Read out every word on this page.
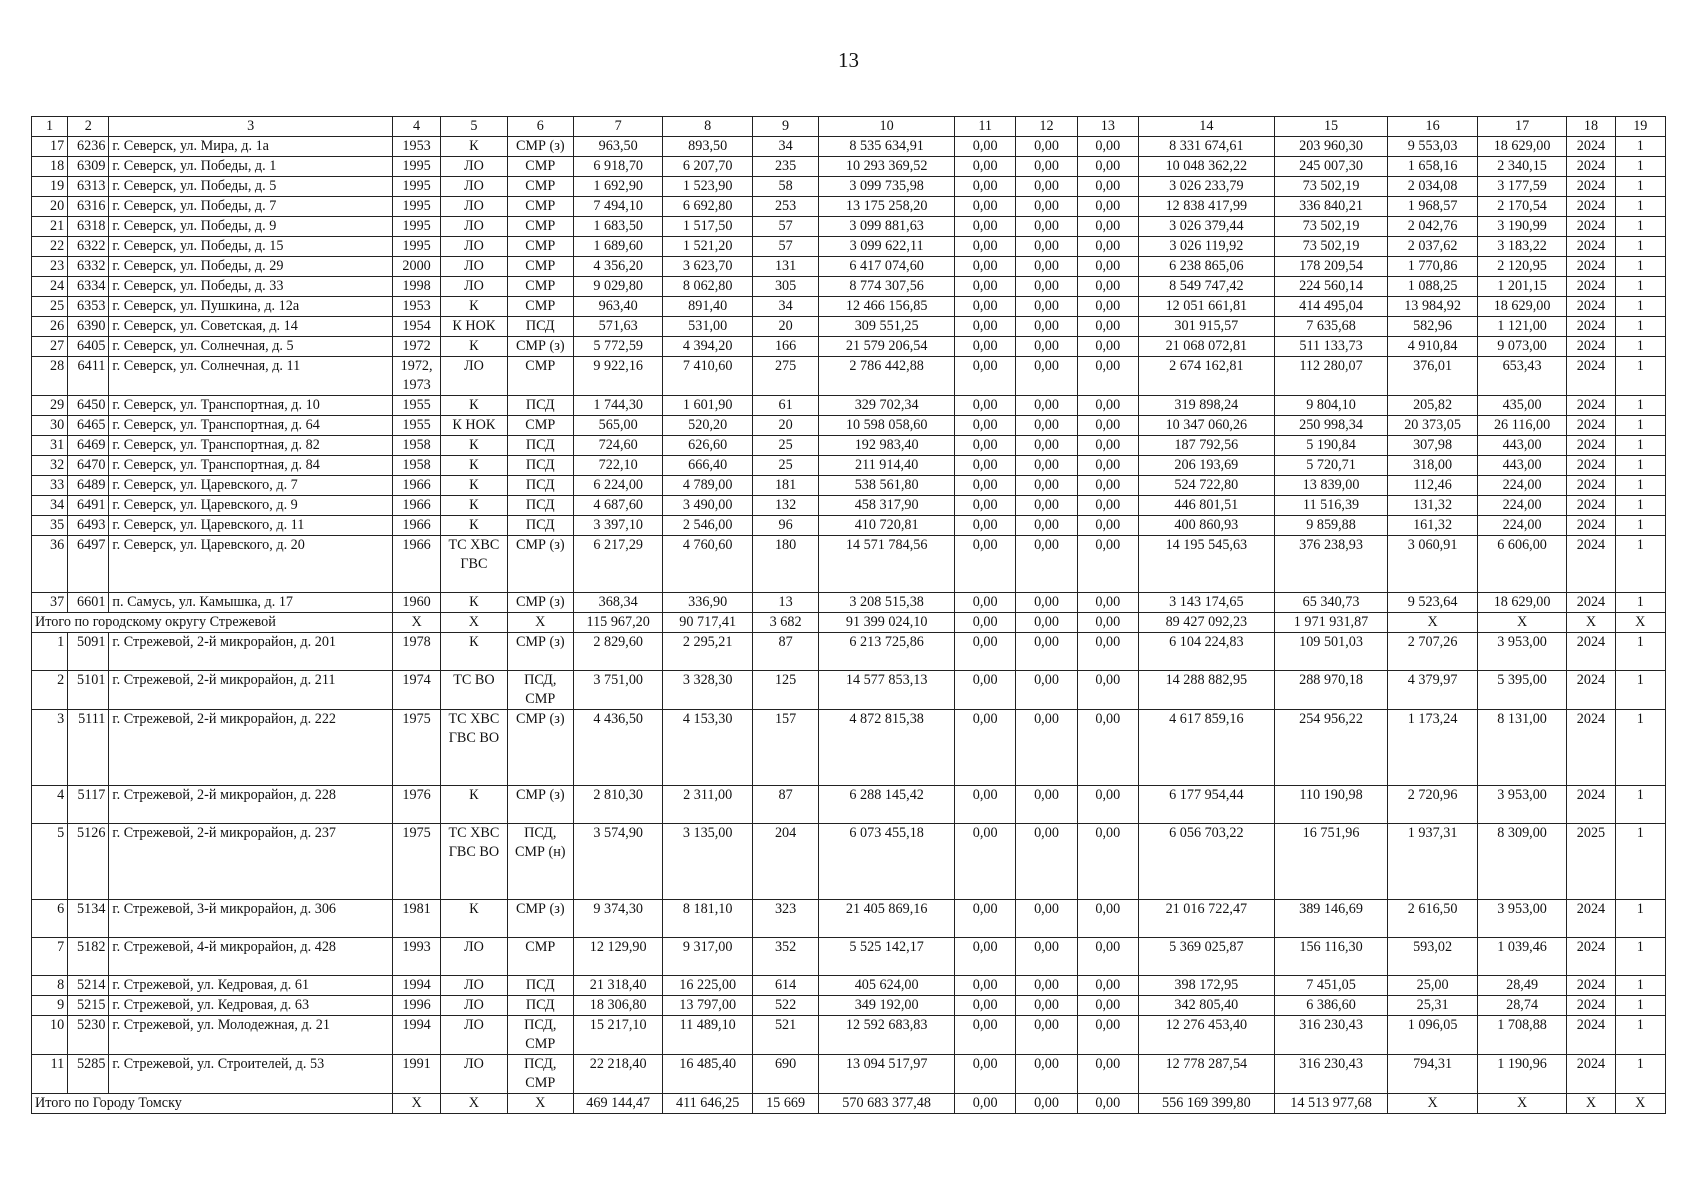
13
1	2	3	4	5	6	7	8	9	10	11	12	13	14	15	16	17	18	19
17	6236	г. Северск, ул. Мира, д. 1а	1953	К	СМР (з)	963,50	893,50	34	8 535 634,91	0,00	0,00	0,00	8 331 674,61	203 960,30	9 553,03	18 629,00	2024	1
18	6309	г. Северск, ул. Победы, д. 1	1995	ЛО	СМР	6 918,70	6 207,70	235	10 293 369,52	0,00	0,00	0,00	10 048 362,22	245 007,30	1 658,16	2 340,15	2024	1
19	6313	г. Северск, ул. Победы, д. 5	1995	ЛО	СМР	1 692,90	1 523,90	58	3 099 735,98	0,00	0,00	0,00	3 026 233,79	73 502,19	2 034,08	3 177,59	2024	1
20	6316	г. Северск, ул. Победы, д. 7	1995	ЛО	СМР	7 494,10	6 692,80	253	13 175 258,20	0,00	0,00	0,00	12 838 417,99	336 840,21	1 968,57	2 170,54	2024	1
21	6318	г. Северск, ул. Победы, д. 9	1995	ЛО	СМР	1 683,50	1 517,50	57	3 099 881,63	0,00	0,00	0,00	3 026 379,44	73 502,19	2 042,76	3 190,99	2024	1
22	6322	г. Северск, ул. Победы, д. 15	1995	ЛО	СМР	1 689,60	1 521,20	57	3 099 622,11	0,00	0,00	0,00	3 026 119,92	73 502,19	2 037,62	3 183,22	2024	1
23	6332	г. Северск, ул. Победы, д. 29	2000	ЛО	СМР	4 356,20	3 623,70	131	6 417 074,60	0,00	0,00	0,00	6 238 865,06	178 209,54	1 770,86	2 120,95	2024	1
24	6334	г. Северск, ул. Победы, д. 33	1998	ЛО	СМР	9 029,80	8 062,80	305	8 774 307,56	0,00	0,00	0,00	8 549 747,42	224 560,14	1 088,25	1 201,15	2024	1
25	6353	г. Северск, ул. Пушкина, д. 12а	1953	К	СМР	963,40	891,40	34	12 466 156,85	0,00	0,00	0,00	12 051 661,81	414 495,04	13 984,92	18 629,00	2024	1
26	6390	г. Северск, ул. Советская, д. 14	1954	К НОК	ПСД	571,63	531,00	20	309 551,25	0,00	0,00	0,00	301 915,57	7 635,68	582,96	1 121,00	2024	1
27	6405	г. Северск, ул. Солнечная, д. 5	1972	К	СМР (з)	5 772,59	4 394,20	166	21 579 206,54	0,00	0,00	0,00	21 068 072,81	511 133,73	4 910,84	9 073,00	2024	1
28	6411	г. Северск, ул. Солнечная, д. 11	1972, 1973	ЛО	СМР	9 922,16	7 410,60	275	2 786 442,88	0,00	0,00	0,00	2 674 162,81	112 280,07	376,01	653,43	2024	1
29	6450	г. Северск, ул. Транспортная, д. 10	1955	К	ПСД	1 744,30	1 601,90	61	329 702,34	0,00	0,00	0,00	319 898,24	9 804,10	205,82	435,00	2024	1
30	6465	г. Северск, ул. Транспортная, д. 64	1955	К НОК	СМР	565,00	520,20	20	10 598 058,60	0,00	0,00	0,00	10 347 060,26	250 998,34	20 373,05	26 116,00	2024	1
31	6469	г. Северск, ул. Транспортная, д. 82	1958	К	ПСД	724,60	626,60	25	192 983,40	0,00	0,00	0,00	187 792,56	5 190,84	307,98	443,00	2024	1
32	6470	г. Северск, ул. Транспортная, д. 84	1958	К	ПСД	722,10	666,40	25	211 914,40	0,00	0,00	0,00	206 193,69	5 720,71	318,00	443,00	2024	1
33	6489	г. Северск, ул. Царевского, д. 7	1966	К	ПСД	6 224,00	4 789,00	181	538 561,80	0,00	0,00	0,00	524 722,80	13 839,00	112,46	224,00	2024	1
34	6491	г. Северск, ул. Царевского, д. 9	1966	К	ПСД	4 687,60	3 490,00	132	458 317,90	0,00	0,00	0,00	446 801,51	11 516,39	131,32	224,00	2024	1
35	6493	г. Северск, ул. Царевского, д. 11	1966	К	ПСД	3 397,10	2 546,00	96	410 720,81	0,00	0,00	0,00	400 860,93	9 859,88	161,32	224,00	2024	1
36	6497	г. Северск, ул. Царевского, д. 20	1966	ТС ХВС ГВС	СМР (з)	6 217,29	4 760,60	180	14 571 784,56	0,00	0,00	0,00	14 195 545,63	376 238,93	3 060,91	6 606,00	2024	1
37	6601	п. Самусь, ул. Камышка, д. 17	1960	К	СМР (з)	368,34	336,90	13	3 208 515,38	0,00	0,00	0,00	3 143 174,65	65 340,73	9 523,64	18 629,00	2024	1
Итого по городскому округу Стрежевой			Х	Х	Х	115 967,20	90 717,41	3 682	91 399 024,10	0,00	0,00	0,00	89 427 092,23	1 971 931,87	Х	Х	Х	Х
1	5091	г. Стрежевой, 2-й микрорайон, д. 201	1978	К	СМР (з)	2 829,60	2 295,21	87	6 213 725,86	0,00	0,00	0,00	6 104 224,83	109 501,03	2 707,26	3 953,00	2024	1
2	5101	г. Стрежевой, 2-й микрорайон, д. 211	1974	ТС ВО	ПСД, СМР	3 751,00	3 328,30	125	14 577 853,13	0,00	0,00	0,00	14 288 882,95	288 970,18	4 379,97	5 395,00	2024	1
3	5111	г. Стрежевой, 2-й микрорайон, д. 222	1975	ТС ХВС ГВС ВО	СМР (з)	4 436,50	4 153,30	157	4 872 815,38	0,00	0,00	0,00	4 617 859,16	254 956,22	1 173,24	8 131,00	2024	1
4	5117	г. Стрежевой, 2-й микрорайон, д. 228	1976	К	СМР (з)	2 810,30	2 311,00	87	6 288 145,42	0,00	0,00	0,00	6 177 954,44	110 190,98	2 720,96	3 953,00	2024	1
5	5126	г. Стрежевой, 2-й микрорайон, д. 237	1975	ТС ХВС ГВС ВО	ПСД, СМР (н)	3 574,90	3 135,00	204	6 073 455,18	0,00	0,00	0,00	6 056 703,22	16 751,96	1 937,31	8 309,00	2025	1
6	5134	г. Стрежевой, 3-й микрорайон, д. 306	1981	К	СМР (з)	9 374,30	8 181,10	323	21 405 869,16	0,00	0,00	0,00	21 016 722,47	389 146,69	2 616,50	3 953,00	2024	1
7	5182	г. Стрежевой, 4-й микрорайон, д. 428	1993	ЛО	СМР	12 129,90	9 317,00	352	5 525 142,17	0,00	0,00	0,00	5 369 025,87	156 116,30	593,02	1 039,46	2024	1
8	5214	г. Стрежевой, ул. Кедровая, д. 61	1994	ЛО	ПСД	21 318,40	16 225,00	614	405 624,00	0,00	0,00	0,00	398 172,95	7 451,05	25,00	28,49	2024	1
9	5215	г. Стрежевой, ул. Кедровая, д. 63	1996	ЛО	ПСД	18 306,80	13 797,00	522	349 192,00	0,00	0,00	0,00	342 805,40	6 386,60	25,31	28,74	2024	1
10	5230	г. Стрежевой, ул. Молодежная, д. 21	1994	ЛО	ПСД, СМР	15 217,10	11 489,10	521	12 592 683,83	0,00	0,00	0,00	12 276 453,40	316 230,43	1 096,05	1 708,88	2024	1
11	5285	г. Стрежевой, ул. Строителей, д. 53	1991	ЛО	ПСД, СМР	22 218,40	16 485,40	690	13 094 517,97	0,00	0,00	0,00	12 778 287,54	316 230,43	794,31	1 190,96	2024	1
Итого по Городу Томску			Х	Х	Х	469 144,47	411 646,25	15 669	570 683 377,48	0,00	0,00	0,00	556 169 399,80	14 513 977,68	Х	Х	Х	Х
